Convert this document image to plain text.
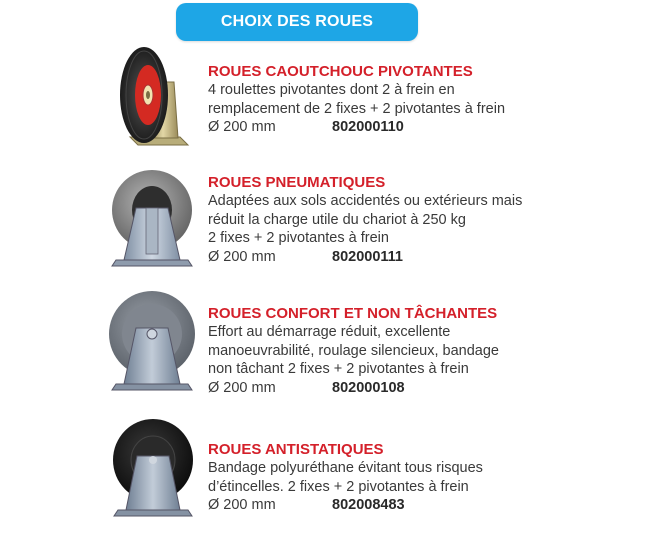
CHOIX DES ROUES
ROUES CAOUTCHOUC PIVOTANTES
4 roulettes pivotantes dont 2 à frein en
remplacement de 2 fixes + 2 pivotantes à frein
Ø 200 mm	802000110
ROUES PNEUMATIQUES
Adaptées aux sols accidentés ou extérieurs mais
réduit la charge utile du chariot à 250 kg
2 fixes + 2 pivotantes à frein
Ø 200 mm	802000111
ROUES CONFORT ET NON TÂCHANTES
Effort au démarrage réduit, excellente
manoeuvrabilité, roulage silencieux, bandage
non tâchant 2 fixes + 2 pivotantes à frein
Ø 200 mm	802000108
ROUES ANTISTATIQUES
Bandage polyuréthane évitant tous risques
d’étincelles. 2 fixes + 2 pivotantes à frein
Ø 200 mm	802008483
